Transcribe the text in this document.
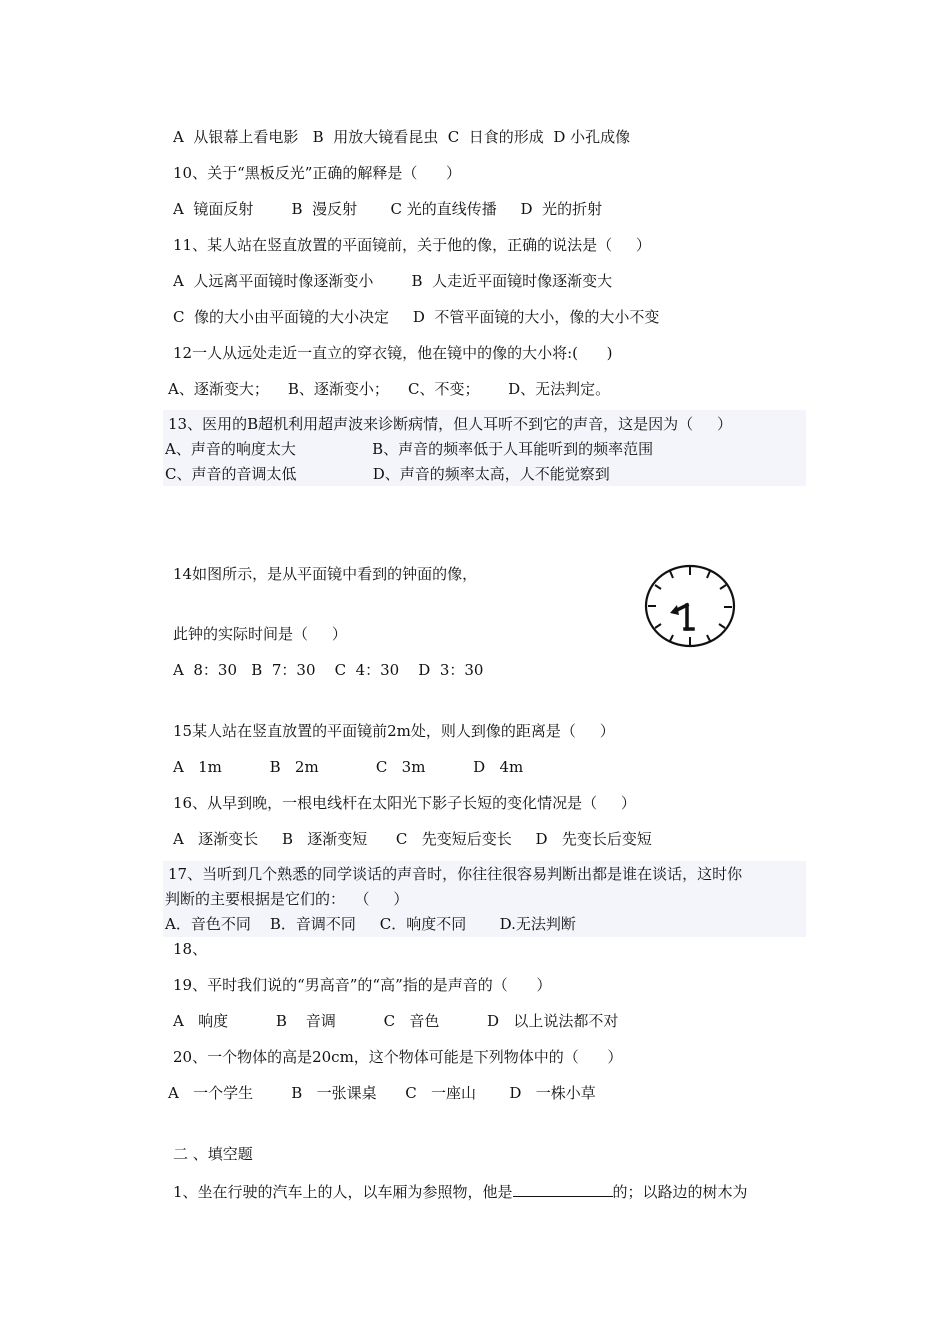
A  从银幕上看电影   B  用放大镜看昆虫  C  日食的形成  D 小孔成像
10、关于“黑板反光”正确的解释是（      ）
A  镜面反射        B  漫反射       C 光的直线传播     D  光的折射
11、某人站在竖直放置的平面镜前，关于他的像，正确的说法是（     ）
A  人远离平面镜时像逐渐变小        B  人走近平面镜时像逐渐变大
C  像的大小由平面镜的大小决定     D  不管平面镜的大小，像的大小不变
12一人从远处走近一直立的穿衣镜，他在镜中的像的大小将:(      )
A、逐渐变大；    B、逐渐变小；    C、不变；      D、无法判定。
13、医用的B超机利用超声波来诊断病情，但人耳听不到它的声音，这是因为（     ）
A、声音的响度太大                B、声音的频率低于人耳能听到的频率范围
C、声音的音调太低                D、声音的频率太高，人不能觉察到
14如图所示，是从平面镜中看到的钟面的像，
此钟的实际时间是（     ）
A  8：30   B  7：30    C  4：30    D  3：30
15某人站在竖直放置的平面镜前2m处，则人到像的距离是（     ）
A   1m          B   2m            C   3m          D   4m
16、从早到晚，一根电线杆在太阳光下影子长短的变化情况是（     ）
A   逐渐变长     B   逐渐变短      C   先变短后变长     D   先变长后变短
17、当听到几个熟悉的同学谈话的声音时，你往往很容易判断出都是谁在谈话，这时你
判断的主要根据是它们的：  （     ）
A．音色不同    B．音调不同     C．响度不同       D.无法判断
18、
19、平时我们说的“男高音”的“高”指的是声音的（      ）
A   响度          B    音调          C   音色          D   以上说法都不对
20、一个物体的高是20cm，这个物体可能是下列物体中的（      ）
A   一个学生        B   一张课桌      C   一座山       D   一株小草
二 、填空题
1、坐在行驶的汽车上的人，以车厢为参照物，他是	的；以路边的树木为
